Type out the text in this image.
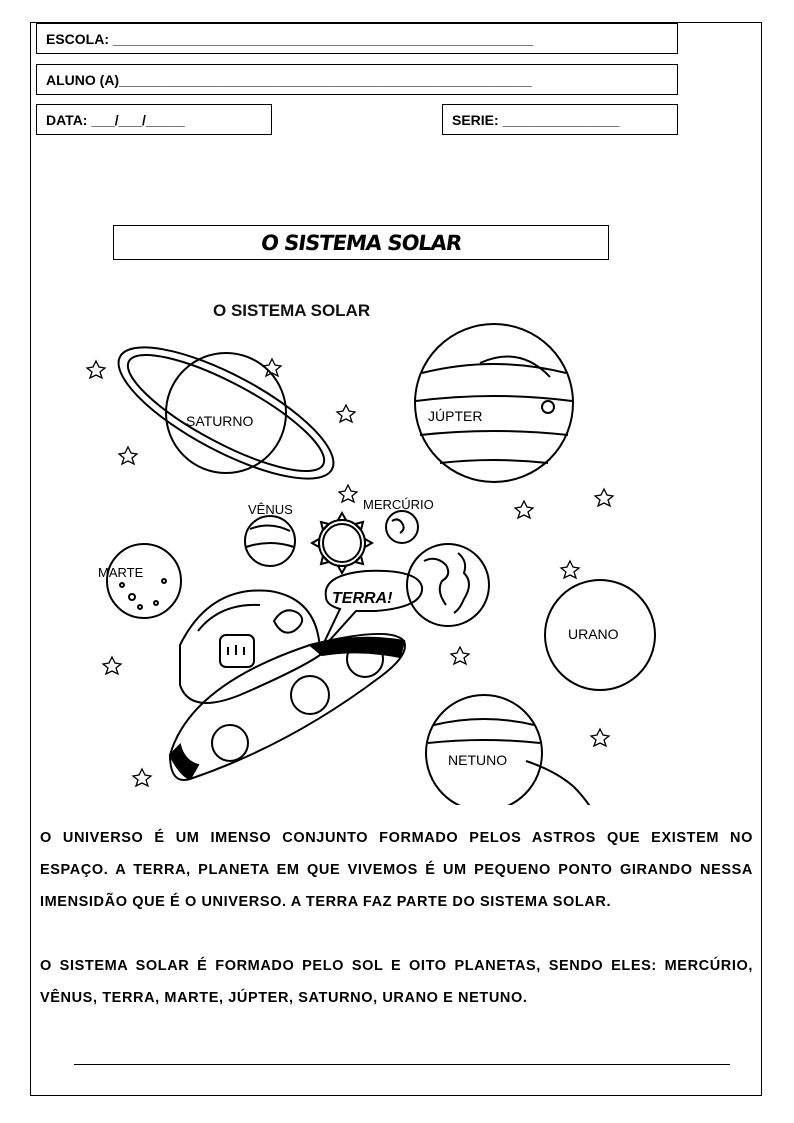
ESCOLA: ______________________________________________________
ALUNO (A)_____________________________________________________
DATA: ___/___/_____	SERIE: _______________
O SISTEMA SOLAR
O SISTEMA SOLAR
SATURNO	JÚPTER
VÊNUS	MERCÚRIO
MARTE
TERRA!
URANO
NETUNO
O UNIVERSO É UM IMENSO CONJUNTO FORMADO PELOS ASTROS QUE EXISTEM NO ESPAÇO. A TERRA, PLANETA EM QUE VIVEMOS É UM PEQUENO PONTO GIRANDO NESSA IMENSIDÃO QUE É O UNIVERSO. A TERRA FAZ PARTE DO SISTEMA SOLAR.
O SISTEMA SOLAR É FORMADO PELO SOL E OITO PLANETAS, SENDO ELES: MERCÚRIO, VÊNUS, TERRA, MARTE, JÚPTER, SATURNO, URANO E NETUNO.
